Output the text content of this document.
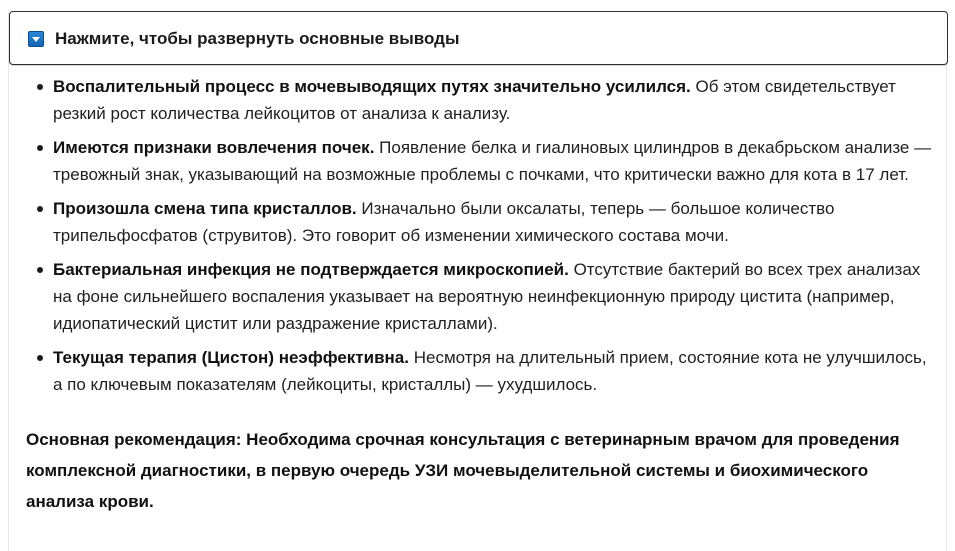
Нажмите, чтобы развернуть основные выводы
Воспалительный процесс в мочевыводящих путях значительно усилился. Об этом свидетельствует резкий рост количества лейкоцитов от анализа к анализу.
Имеются признаки вовлечения почек. Появление белка и гиалиновых цилиндров в декабрьском анализе — тревожный знак, указывающий на возможные проблемы с почками, что критически важно для кота в 17 лет.
Произошла смена типа кристаллов. Изначально были оксалаты, теперь — большое количество трипельфосфатов (струвитов). Это говорит об изменении химического состава мочи.
Бактериальная инфекция не подтверждается микроскопией. Отсутствие бактерий во всех трех анализах на фоне сильнейшего воспаления указывает на вероятную неинфекционную природу цистита (например, идиопатический цистит или раздражение кристаллами).
Текущая терапия (Цистон) неэффективна. Несмотря на длительный прием, состояние кота не улучшилось, а по ключевым показателям (лейкоциты, кристаллы) — ухудшилось.

Основная рекомендация: Необходима срочная консультация с ветеринарным врачом для проведения комплексной диагностики, в первую очередь УЗИ мочевыделительной системы и биохимического анализа крови.
